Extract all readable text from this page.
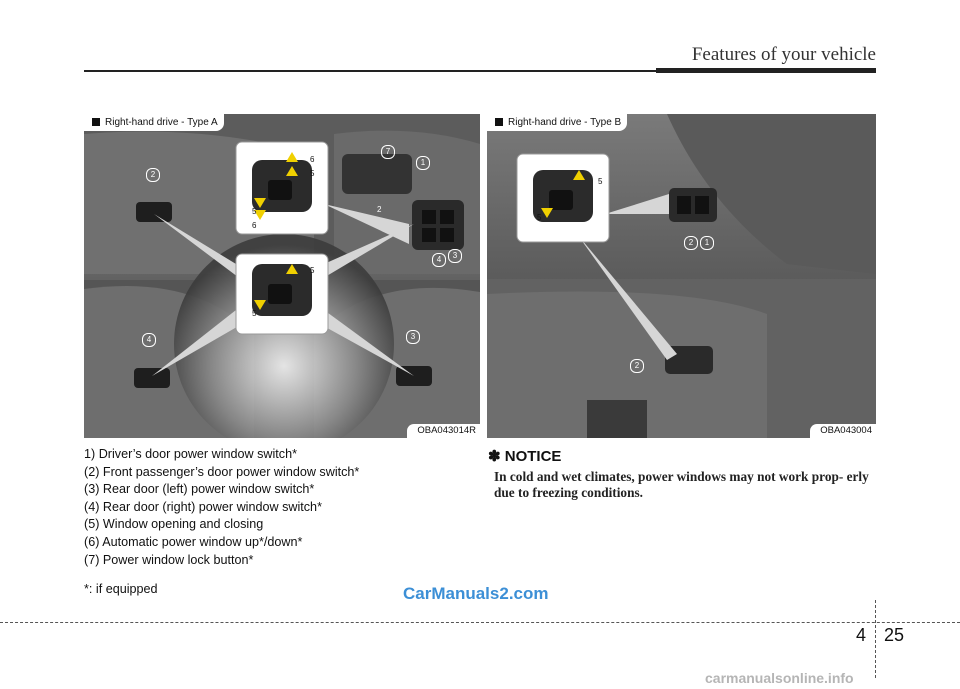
Features of your vehicle
Right-hand drive - Type A
OBA043014R
Right-hand drive - Type B
OBA043004
2
6
5
5
6
7
1
2
4	3
5
5
4	3
5
5
2	1
2
1) Driver’s door power window switch*
(2) Front passenger’s door power window switch*
(3) Rear door (left) power window switch*
(4) Rear door (right) power window switch*
(5) Window opening and closing
(6) Automatic power window up*/down*
(7) Power window lock button*
*: if equipped
✽ NOTICE
In cold and wet climates, power windows may not work prop- erly due to freezing conditions.
CarManuals2.com
4 25
carmanualsonline.info
